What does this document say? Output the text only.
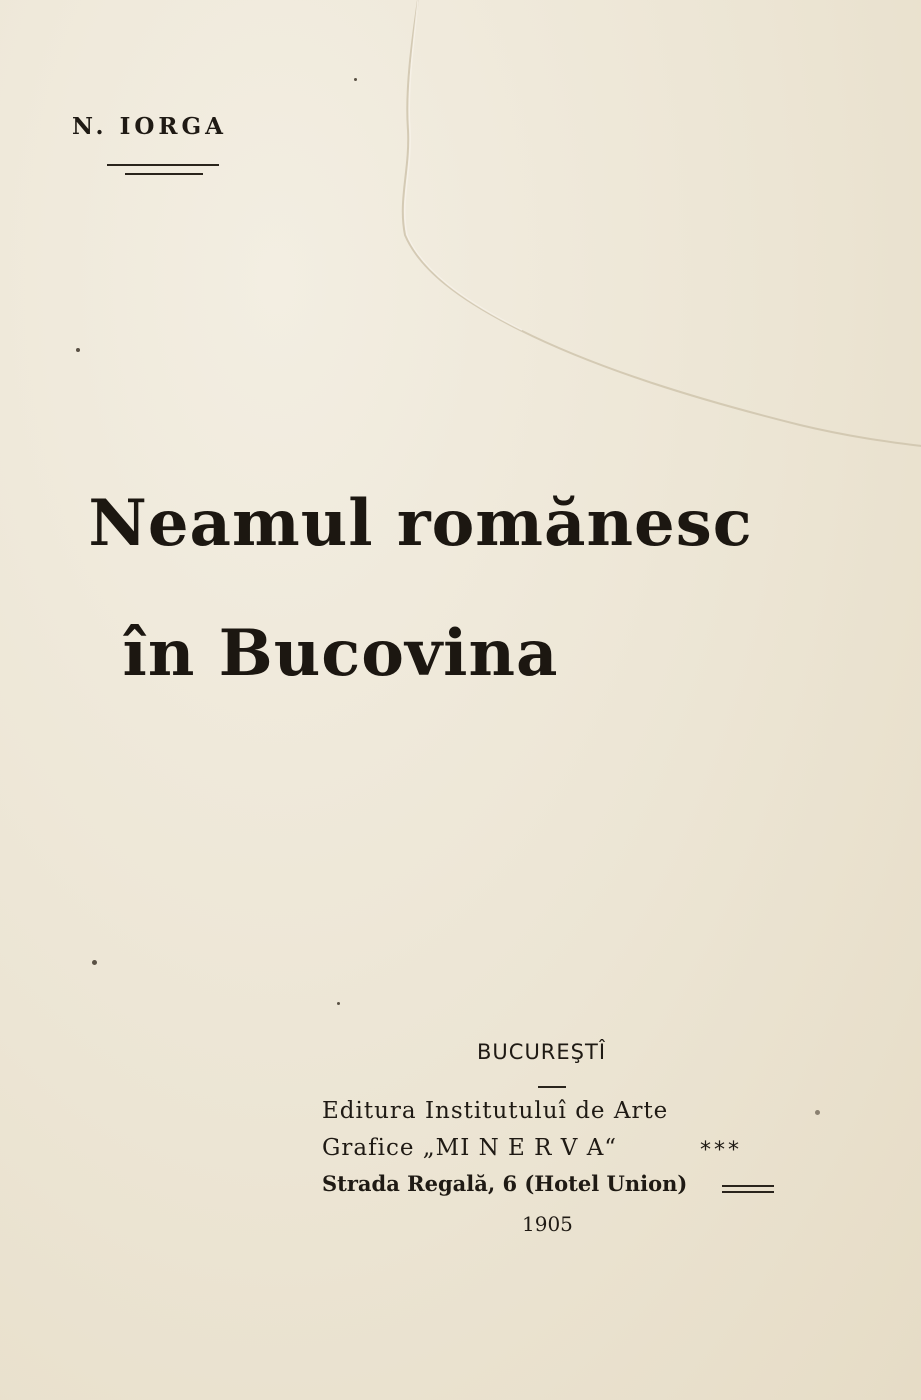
N. IORGA
Neamul romănesc
în Bucovina
BUCUREŞTÎ
Editura Institutuluî de Arte
Grafice „MI N E R V A“	***
Strada Regală, 6 (Hotel Union)
1905
